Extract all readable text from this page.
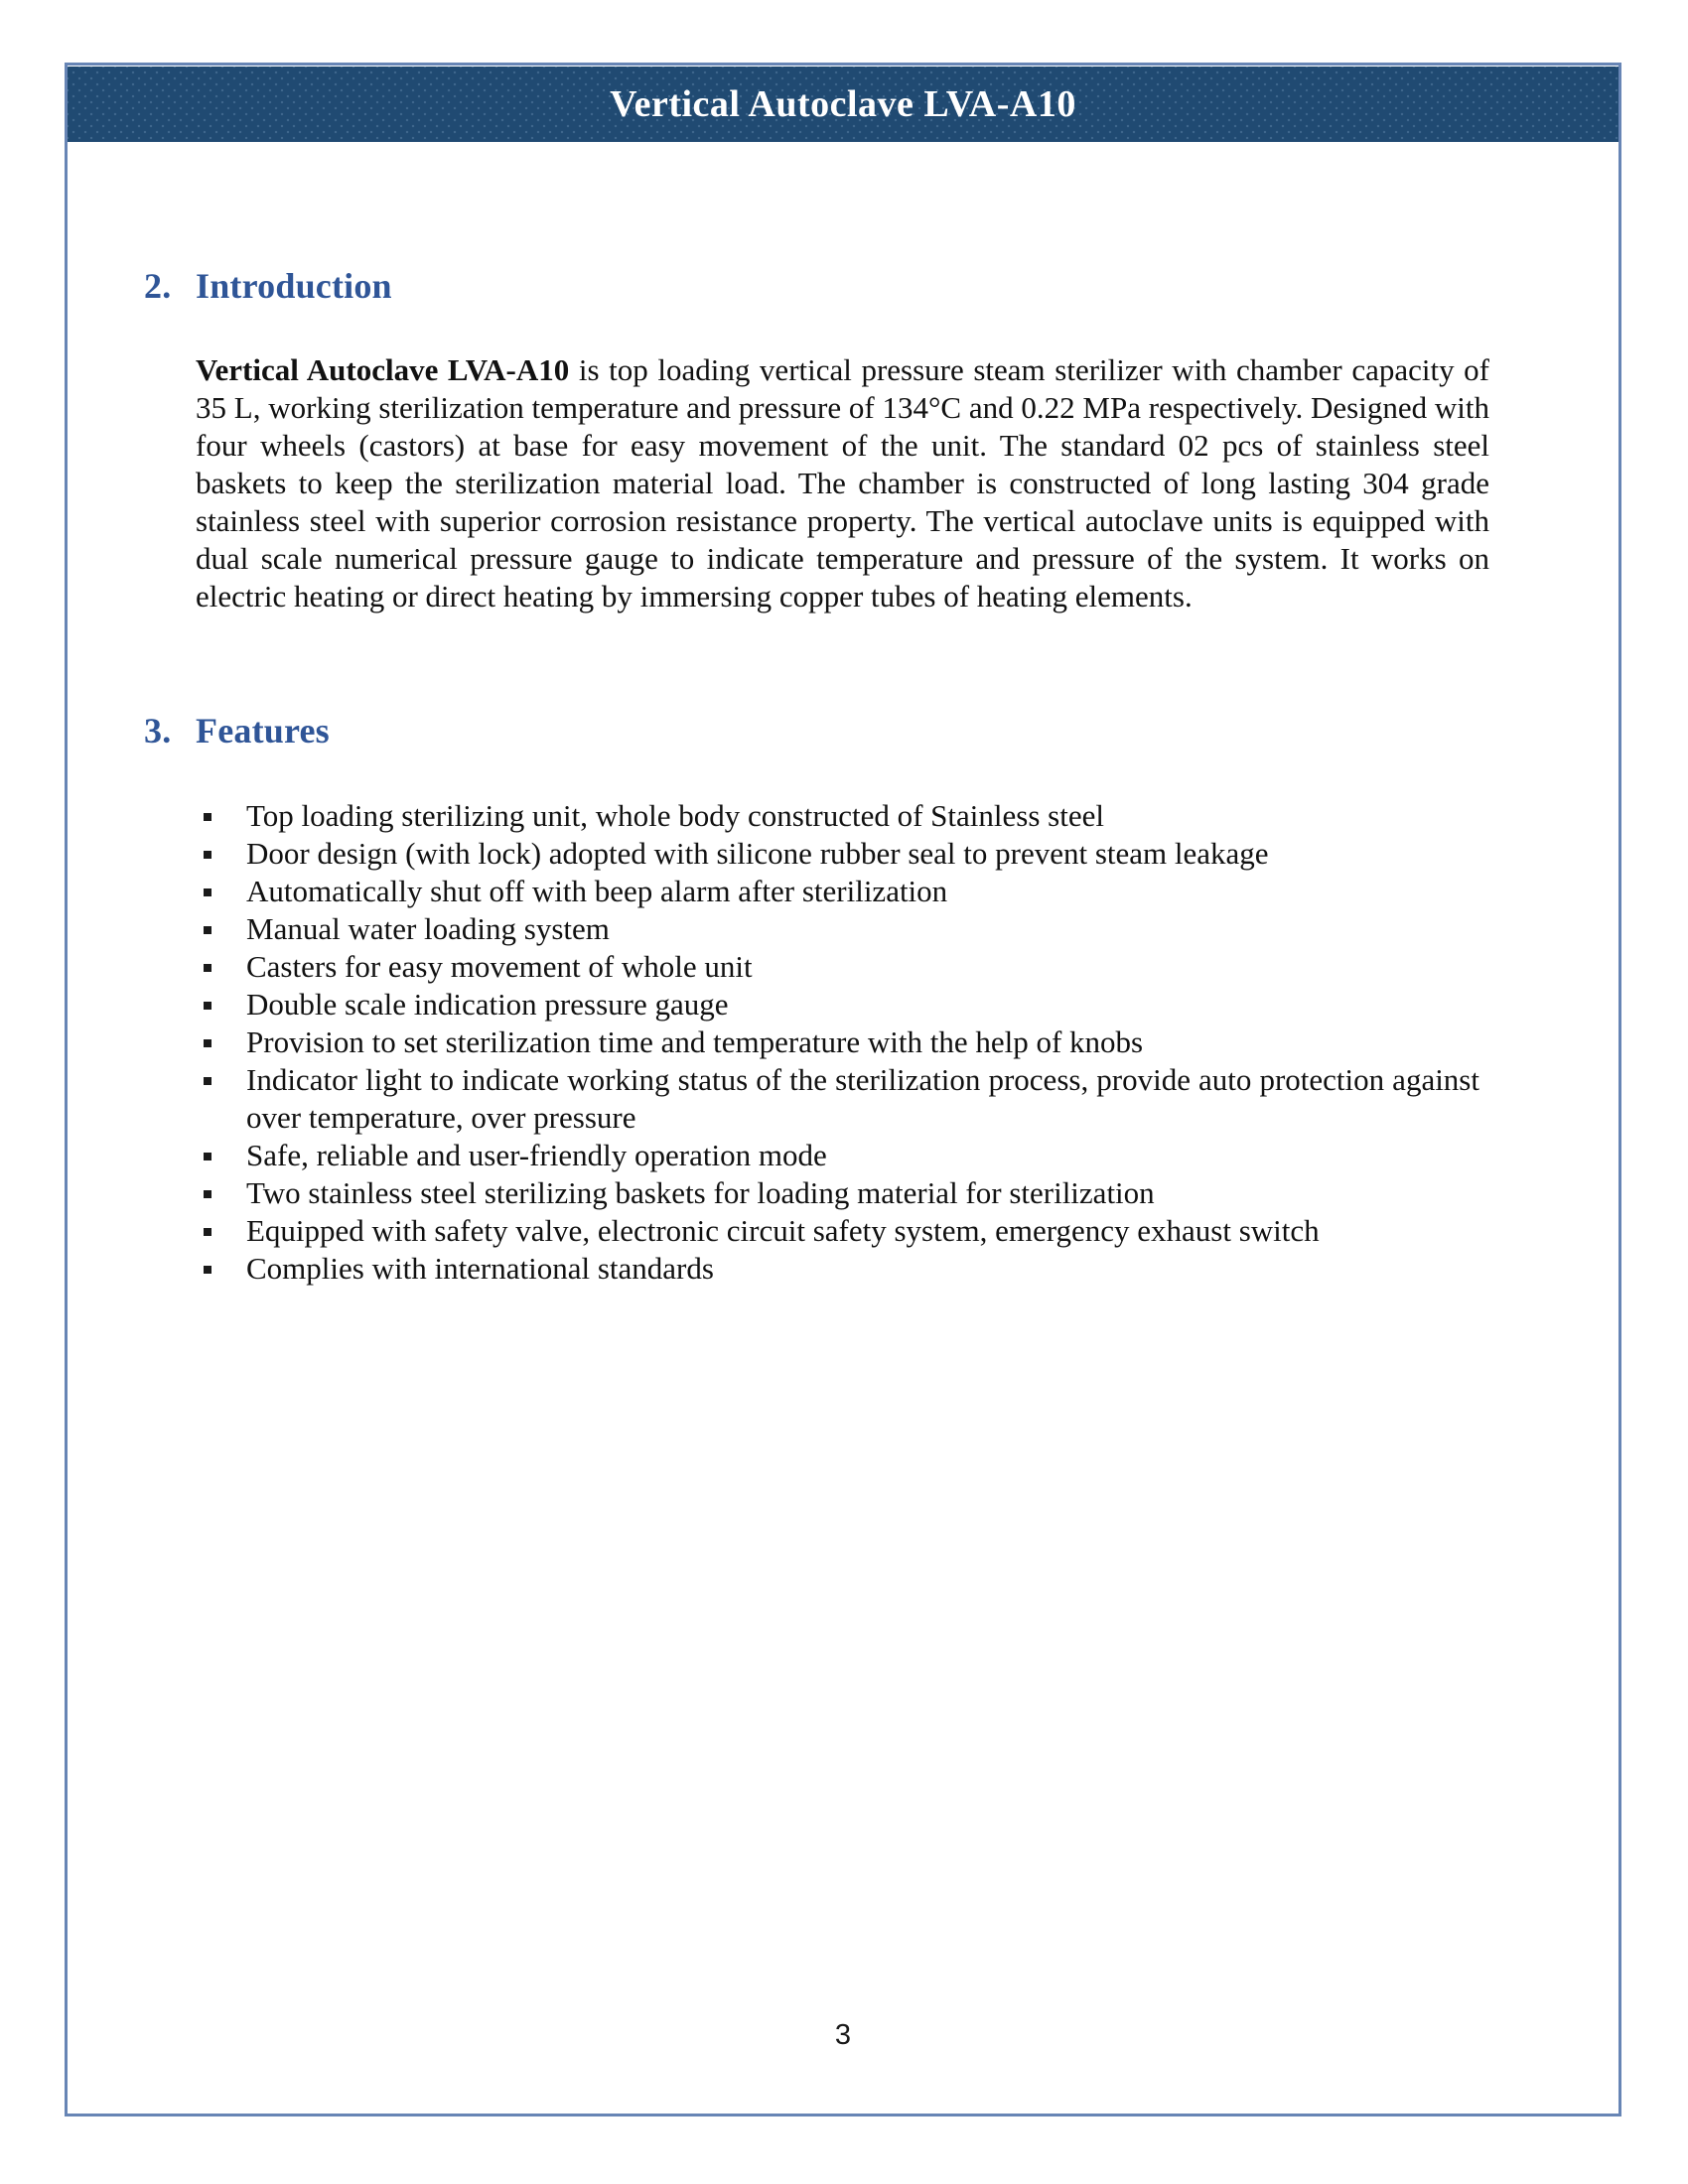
Vertical Autoclave LVA-A10
2. Introduction

Vertical Autoclave LVA-A10 is top loading vertical pressure steam sterilizer with chamber capacity of 35 L, working sterilization temperature and pressure of 134°C and 0.22 MPa respectively. Designed with four wheels (castors) at base for easy movement of the unit. The standard 02 pcs of stainless steel baskets to keep the sterilization material load. The chamber is constructed of long lasting 304 grade stainless steel with superior corrosion resistance property. The vertical autoclave units is equipped with dual scale numerical pressure gauge to indicate temperature and pressure of the system. It works on electric heating or direct heating by immersing copper tubes of heating elements.

3. Features
Top loading sterilizing unit, whole body constructed of Stainless steel
Door design (with lock) adopted with silicone rubber seal to prevent steam leakage
Automatically shut off with beep alarm after sterilization
Manual water loading system
Casters for easy movement of whole unit
Double scale indication pressure gauge
Provision to set sterilization time and temperature with the help of knobs
Indicator light to indicate working status of the sterilization process, provide auto protection against over temperature, over pressure
Safe, reliable and user-friendly operation mode
Two stainless steel sterilizing baskets for loading material for sterilization
Equipped with safety valve, electronic circuit safety system, emergency exhaust switch
Complies with international standards
3
